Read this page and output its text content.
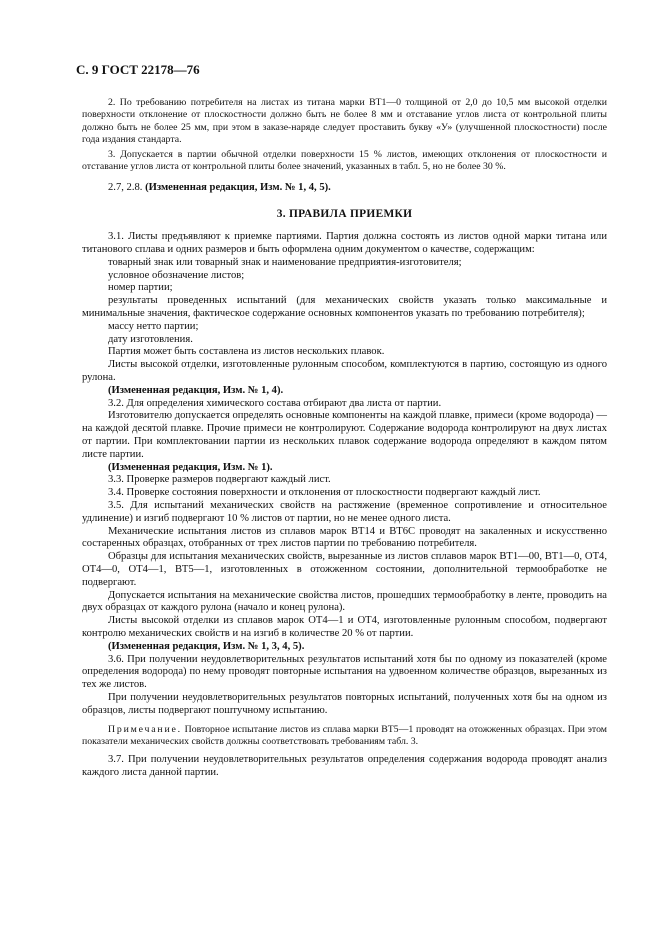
С. 9 ГОСТ 22178—76

2. По требованию потребителя на листах из титана марки ВТ1—0 толщиной от 2,0 до 10,5 мм высокой отделки поверхности отклонение от плоскостности должно быть не более 8 мм и отставание углов листа от контрольной плиты должно быть не более 25 мм, при этом в заказе-наряде следует проставить букву «У» (улучшенной плоскостности) после года издания стандарта.

3. Допускается в партии обычной отделки поверхности 15 % листов, имеющих отклонения от плоскостности и отставание углов листа от контрольной плиты более значений, указанных в табл. 5, но не более 30 %.

2.7, 2.8. (Измененная редакция, Изм. № 1, 4, 5).

3. ПРАВИЛА ПРИЕМКИ

3.1. Листы предъявляют к приемке партиями. Партия должна состоять из листов одной марки титана или титанового сплава и одних размеров и быть оформлена одним документом о качестве, содержащим:

товарный знак или товарный знак и наименование предприятия-изготовителя;

условное обозначение листов;

номер партии;

результаты проведенных испытаний (для механических свойств указать только максимальные и минимальные значения, фактическое содержание основных компонентов указать по требованию потребителя);

массу нетто партии;

дату изготовления.

Партия может быть составлена из листов нескольких плавок.

Листы высокой отделки, изготовленные рулонным способом, комплектуются в партию, состоящую из одного рулона.

(Измененная редакция, Изм. № 1, 4).

3.2. Для определения химического состава отбирают два листа от партии.

Изготовителю допускается определять основные компоненты на каждой плавке, примеси (кроме водорода) — на каждой десятой плавке. Прочие примеси не контролируют. Содержание водорода контролируют на двух листах от партии. При комплектовании партии из нескольких плавок содержание водорода определяют в каждом пятом листе партии.

(Измененная редакция, Изм. № 1).

3.3. Проверке размеров подвергают каждый лист.

3.4. Проверке состояния поверхности и отклонения от плоскостности подвергают каждый лист.

3.5. Для испытаний механических свойств на растяжение (временное сопротивление и относительное удлинение) и изгиб подвергают 10 % листов от партии, но не менее одного листа.

Механические испытания листов из сплавов марок ВТ14 и ВТ6С проводят на закаленных и искусственно состаренных образцах, отобранных от трех листов партии по требованию потребителя.

Образцы для испытания механических свойств, вырезанные из листов сплавов марок ВТ1—00, ВТ1—0, ОТ4, ОТ4—0, ОТ4—1, ВТ5—1, изготовленных в отожженном состоянии, дополнительной термообработке не подвергают.

Допускается испытания на механические свойства листов, прошедших термообработку в ленте, проводить на двух образцах от каждого рулона (начало и конец рулона).

Листы высокой отделки из сплавов марок ОТ4—1 и ОТ4, изготовленные рулонным способом, подвергают контролю механических свойств и на изгиб в количестве 20 % от партии.

(Измененная редакция, Изм. № 1, 3, 4, 5).

3.6. При получении неудовлетворительных результатов испытаний хотя бы по одному из показателей (кроме определения водорода) по нему проводят повторные испытания на удвоенном количестве образцов, вырезанных из тех же листов.

При получении неудовлетворительных результатов повторных испытаний, полученных хотя бы на одном из образцов, листы подвергают поштучному испытанию.

Примечание. Повторное испытание листов из сплава марки ВТ5—1 проводят на отожженных образцах. При этом показатели механических свойств должны соответствовать требованиям табл. 3.

3.7. При получении неудовлетворительных результатов определения содержания водорода проводят анализ каждого листа данной партии.
